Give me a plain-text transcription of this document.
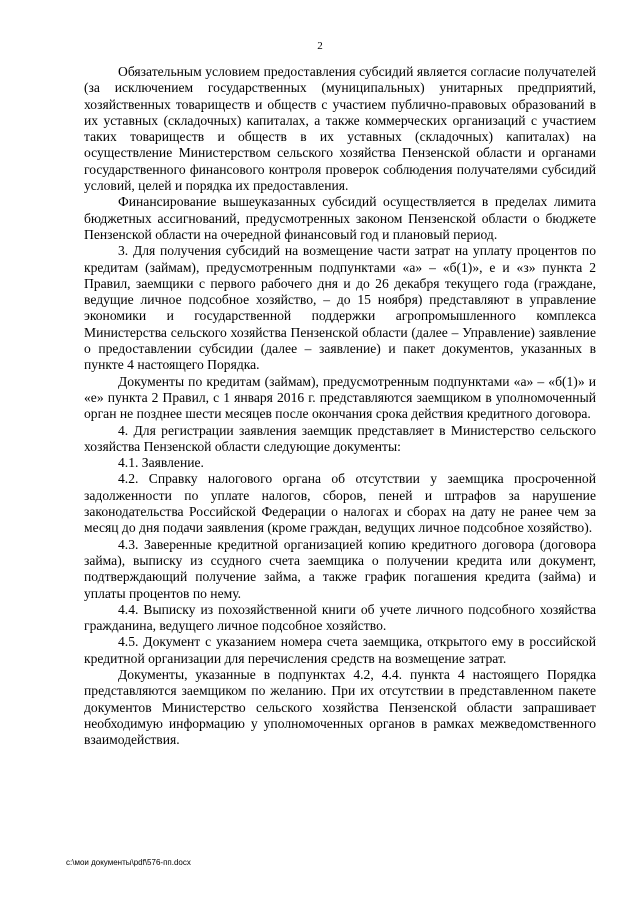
2

Обязательным условием предоставления субсидий является согласие получателей (за исключением государственных (муниципальных) унитарных предприятий, хозяйственных товариществ и обществ с участием публично-правовых образований в их уставных (складочных) капиталах, а также коммерческих организаций с участием таких товариществ и обществ в их уставных (складочных) капиталах) на осуществление Министерством сельского хозяйства Пензенской области и органами государственного финансового контроля проверок соблюдения получателями субсидий условий, целей и порядка их предоставления.

Финансирование вышеуказанных субсидий осуществляется в пределах лимита бюджетных ассигнований, предусмотренных законом Пензенской области о бюджете Пензенской области на очередной финансовый год и плановый период.

3. Для получения субсидий на возмещение части затрат на уплату процентов по кредитам (займам), предусмотренным подпунктами «а» – «б(1)», е и «з» пункта 2 Правил, заемщики с первого рабочего дня и до 26 декабря текущего года (граждане, ведущие личное подсобное хозяйство, – до 15 ноября) представляют в управление экономики и государственной поддержки агропромышленного комплекса Министерства сельского хозяйства Пензенской области (далее – Управление) заявление о предоставлении субсидии (далее – заявление) и пакет документов, указанных в пункте 4 настоящего Порядка.

Документы по кредитам (займам), предусмотренным подпунктами «а» – «б(1)» и «е» пункта 2 Правил, с 1 января 2016 г. представляются заемщиком в уполномоченный орган не позднее шести месяцев после окончания срока действия кредитного договора.

4. Для регистрации заявления заемщик представляет в Министерство сельского хозяйства Пензенской области следующие документы:

4.1. Заявление.

4.2. Справку налогового органа об отсутствии у заемщика просроченной задолженности по уплате налогов, сборов, пеней и штрафов за нарушение законодательства Российской Федерации о налогах и сборах на дату не ранее чем за месяц до дня подачи заявления (кроме граждан, ведущих личное подсобное хозяйство).

4.3. Заверенные кредитной организацией копию кредитного договора (договора займа), выписку из ссудного счета заемщика о получении кредита или документ, подтверждающий получение займа, а также график погашения кредита (займа) и уплаты процентов по нему.

4.4. Выписку из похозяйственной книги об учете личного подсобного хозяйства гражданина, ведущего личное подсобное хозяйство.

4.5. Документ с указанием номера счета заемщика, открытого ему в российской кредитной организации для перечисления средств на возмещение затрат.

Документы, указанные в подпунктах 4.2, 4.4. пункта 4 настоящего Порядка представляются заемщиком по желанию. При их отсутствии в представленном пакете документов Министерство сельского хозяйства Пензенской области запрашивает необходимую информацию у уполномоченных органов в рамках межведомственного взаимодействия.

c:\мои документы\pdf\576-пп.docx
